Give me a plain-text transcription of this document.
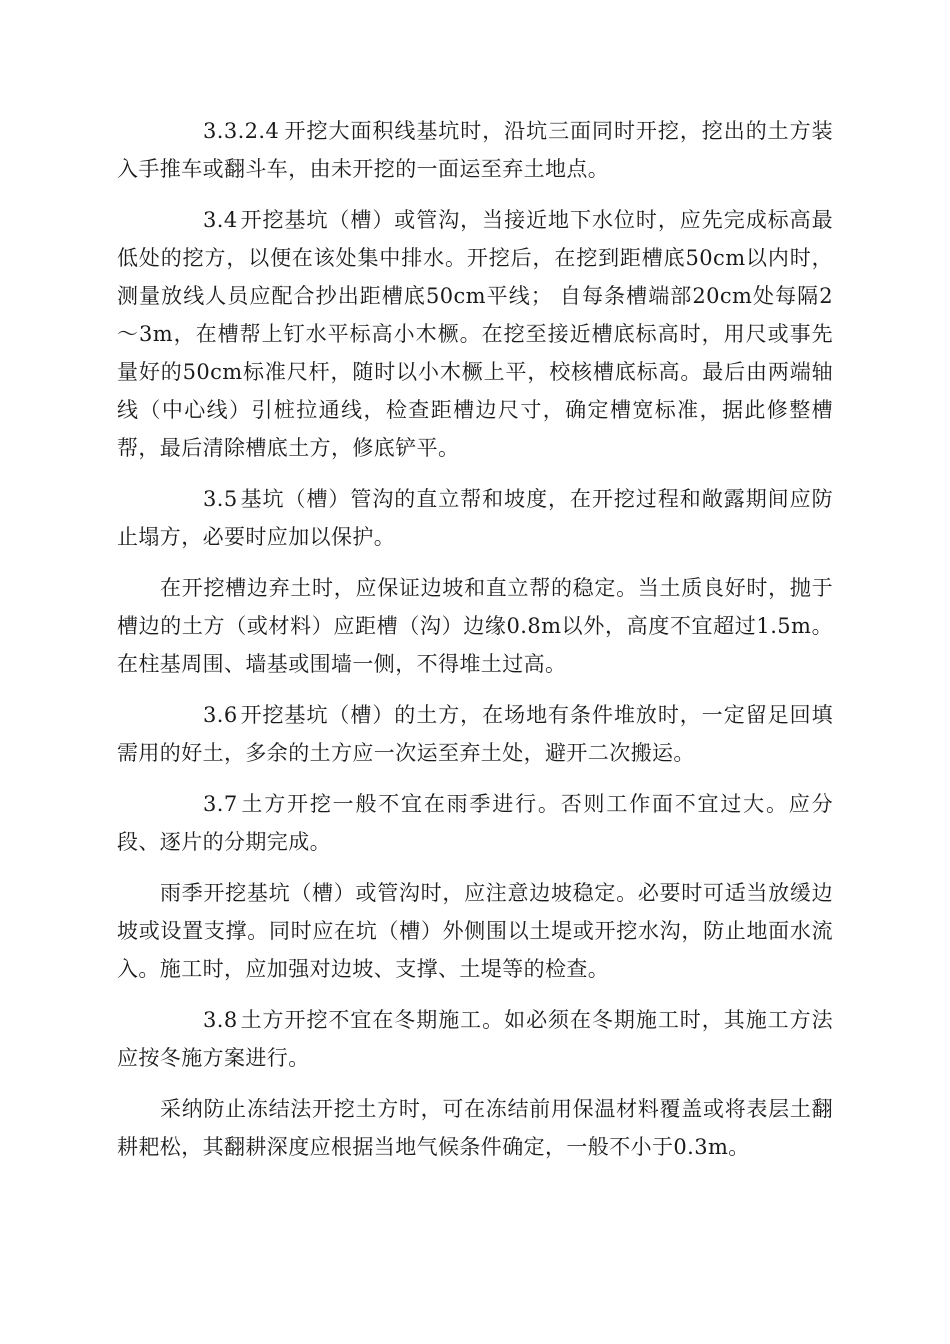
3.3.2.4 开挖大面积线基坑时，沿坑三面同时开挖，挖出的土方装入手推车或翻斗车，由未开挖的一面运至弃土地点。

3.4 开挖基坑（槽）或管沟，当接近地下水位时，应先完成标高最低处的挖方，以便在该处集中排水。开挖后，在挖到距槽底50cm以内时，测量放线人员应配合抄出距槽底50cm平线； 自每条槽端部20cm处每隔2～3m，在槽帮上钉水平标高小木橛。在挖至接近槽底标高时，用尺或事先量好的50cm标准尺杆，随时以小木橛上平，校核槽底标高。最后由两端轴线（中心线）引桩拉通线，检查距槽边尺寸，确定槽宽标准，据此修整槽帮，最后清除槽底土方，修底铲平。

3.5 基坑（槽）管沟的直立帮和坡度，在开挖过程和敞露期间应防止塌方，必要时应加以保护。

在开挖槽边弃土时，应保证边坡和直立帮的稳定。当土质良好时，抛于槽边的土方（或材料）应距槽（沟）边缘0.8m以外，高度不宜超过1.5m。在柱基周围、墙基或围墙一侧，不得堆土过高。

3.6 开挖基坑（槽）的土方，在场地有条件堆放时，一定留足回填需用的好土，多余的土方应一次运至弃土处，避开二次搬运。

3.7 土方开挖一般不宜在雨季进行。否则工作面不宜过大。应分段、逐片的分期完成。

雨季开挖基坑（槽）或管沟时，应注意边坡稳定。必要时可适当放缓边坡或设置支撑。同时应在坑（槽）外侧围以土堤或开挖水沟，防止地面水流入。施工时，应加强对边坡、支撑、土堤等的检查。

3.8 土方开挖不宜在冬期施工。如必须在冬期施工时，其施工方法应按冬施方案进行。

采纳防止冻结法开挖土方时，可在冻结前用保温材料覆盖或将表层土翻耕耙松，其翻耕深度应根据当地气候条件确定，一般不小于0.3m。
